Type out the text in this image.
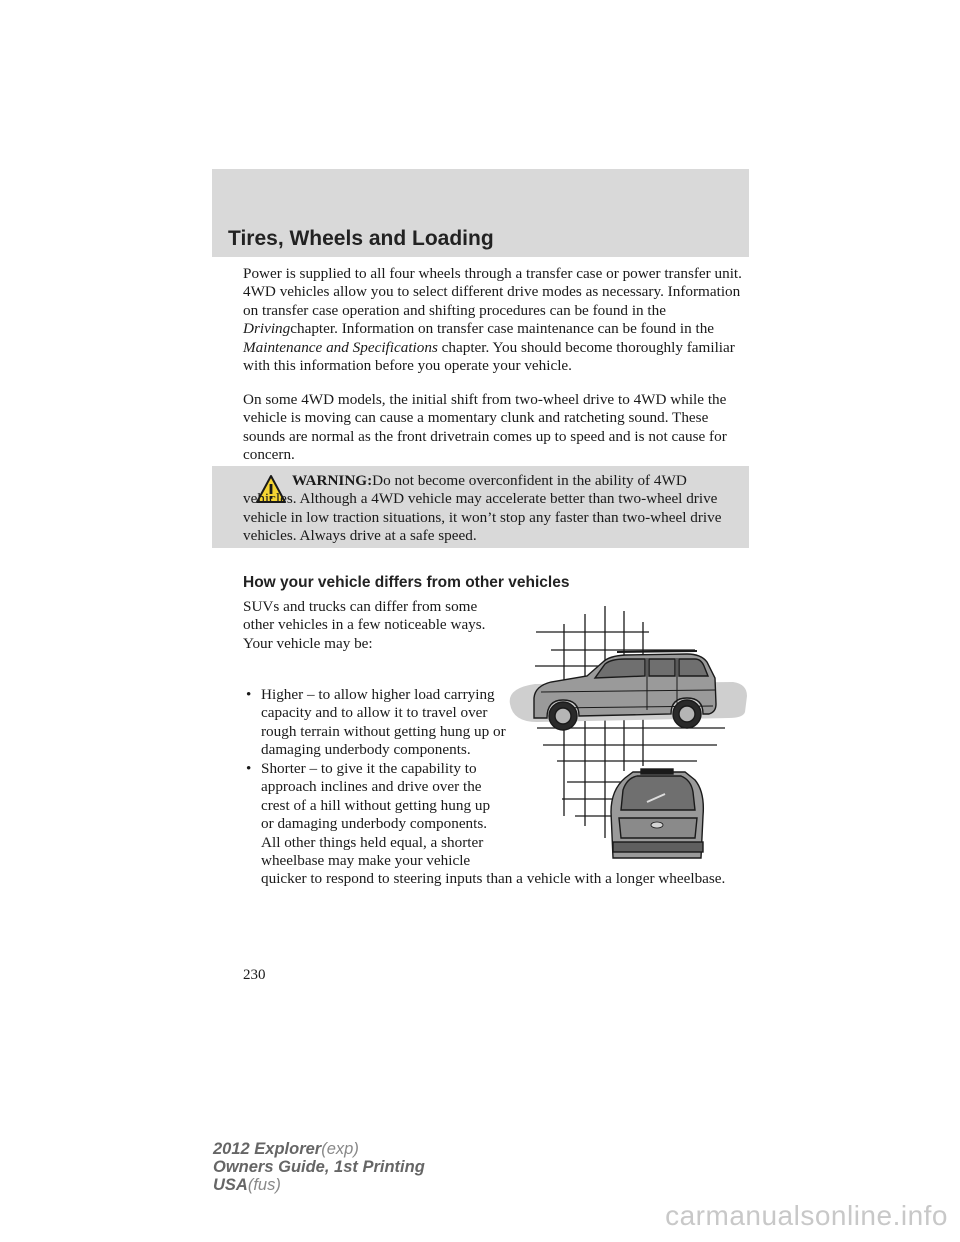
Tires, Wheels and Loading

Power is supplied to all four wheels through a transfer case or power transfer unit. 4WD vehicles allow you to select different drive modes as necessary. Information on transfer case operation and shifting procedures can be found in the Drivingchapter. Information on transfer case maintenance can be found in the Maintenance and Specifications chapter. You should become thoroughly familiar with this information before you operate your vehicle.

On some 4WD models, the initial shift from two-wheel drive to 4WD while the vehicle is moving can cause a momentary clunk and ratcheting sound. These sounds are normal as the front drivetrain comes up to speed and is not cause for concern.

WARNING:Do not become overconfident in the ability of 4WD vehicles. Although a 4WD vehicle may accelerate better than two-wheel drive vehicle in low traction situations, it won’t stop any faster than two-wheel drive vehicles. Always drive at a safe speed.
How your vehicle differs from other vehicles

SUVs and trucks can differ from some other vehicles in a few noticeable ways. Your vehicle may be:

• Higher – to allow higher load carrying capacity and to allow it to travel over rough terrain without getting hung up or damaging underbody components.
• Shorter – to give it the capability to approach inclines and drive over the crest of a hill without getting hung up or damaging underbody components. All other things held equal, a shorter wheelbase may make your vehicle
quicker to respond to steering inputs than a vehicle with a longer wheelbase.
230
2012 Explorer(exp)
Owners Guide, 1st Printing
USA(fus)
carmanualsonline.info
